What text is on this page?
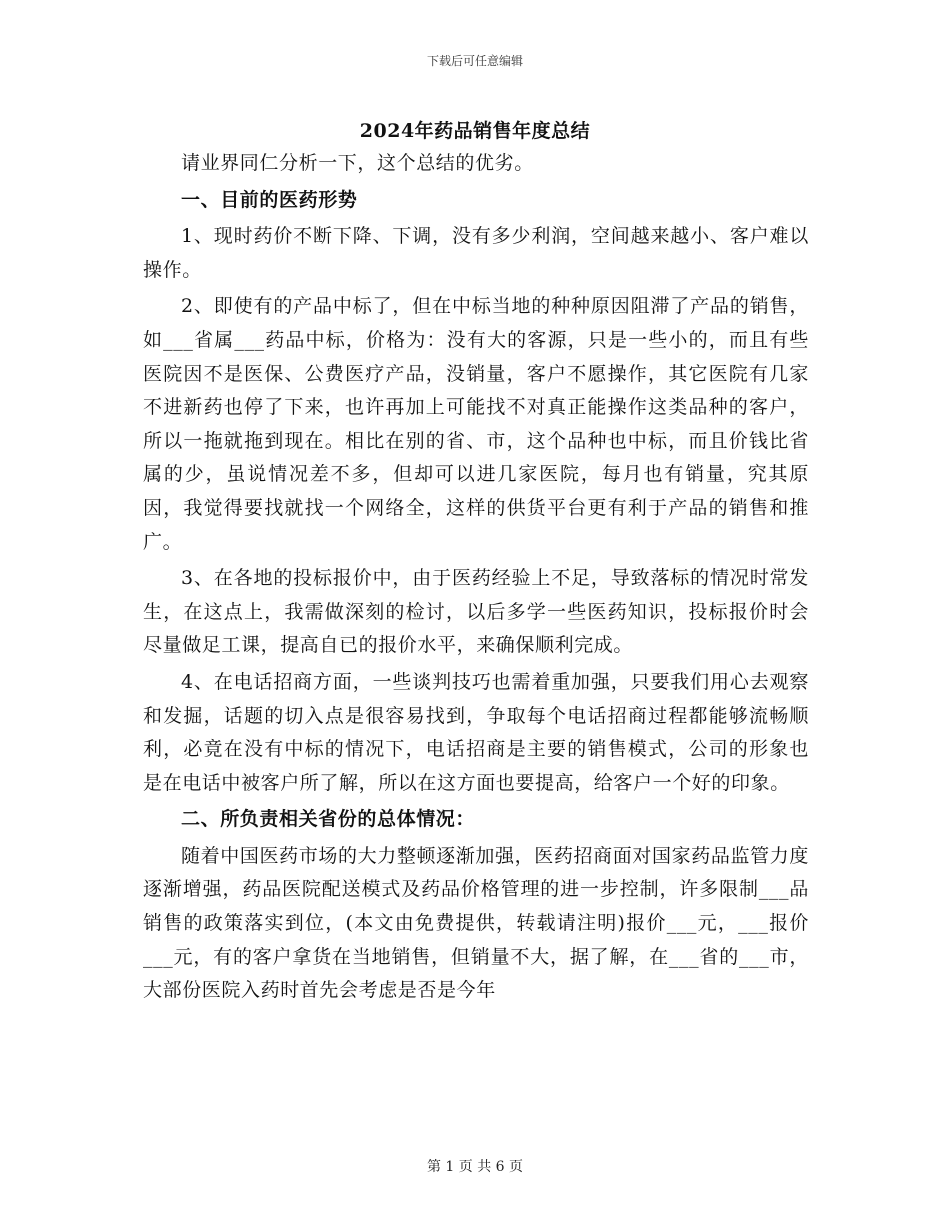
下载后可任意编辑
2024年药品销售年度总结

请业界同仁分析一下，这个总结的优劣。

一、目前的医药形势

1、现时药价不断下降、下调，没有多少利润，空间越来越小、客户难以操作。

2、即使有的产品中标了，但在中标当地的种种原因阻滞了产品的销售，如___省属___药品中标，价格为：没有大的客源，只是一些小的，而且有些医院因不是医保、公费医疗产品，没销量，客户不愿操作，其它医院有几家不进新药也停了下来，也许再加上可能找不对真正能操作这类品种的客户，所以一拖就拖到现在。相比在别的省、市，这个品种也中标，而且价钱比省属的少，虽说情况差不多，但却可以进几家医院，每月也有销量，究其原因，我觉得要找就找一个网络全，这样的供货平台更有利于产品的销售和推广。

3、在各地的投标报价中，由于医药经验上不足，导致落标的情况时常发生，在这点上，我需做深刻的检讨，以后多学一些医药知识，投标报价时会尽量做足工课，提高自已的报价水平，来确保顺利完成。

4、在电话招商方面，一些谈判技巧也需着重加强，只要我们用心去观察和发掘，话题的切入点是很容易找到，争取每个电话招商过程都能够流畅顺利，必竟在没有中标的情况下，电话招商是主要的销售模式，公司的形象也是在电话中被客户所了解，所以在这方面也要提高，给客户一个好的印象。

二、所负责相关省份的总体情况：

随着中国医药市场的大力整顿逐渐加强，医药招商面对国家药品监管力度逐渐增强，药品医院配送模式及药品价格管理的进一步控制，许多限制___品销售的政策落实到位，(本文由免费提供，转载请注明)报价___元，___报价___元，有的客户拿货在当地销售，但销量不大，据了解，在___省的___市，大部份医院入药时首先会考虑是否是今年

第 1 页 共 6 页
